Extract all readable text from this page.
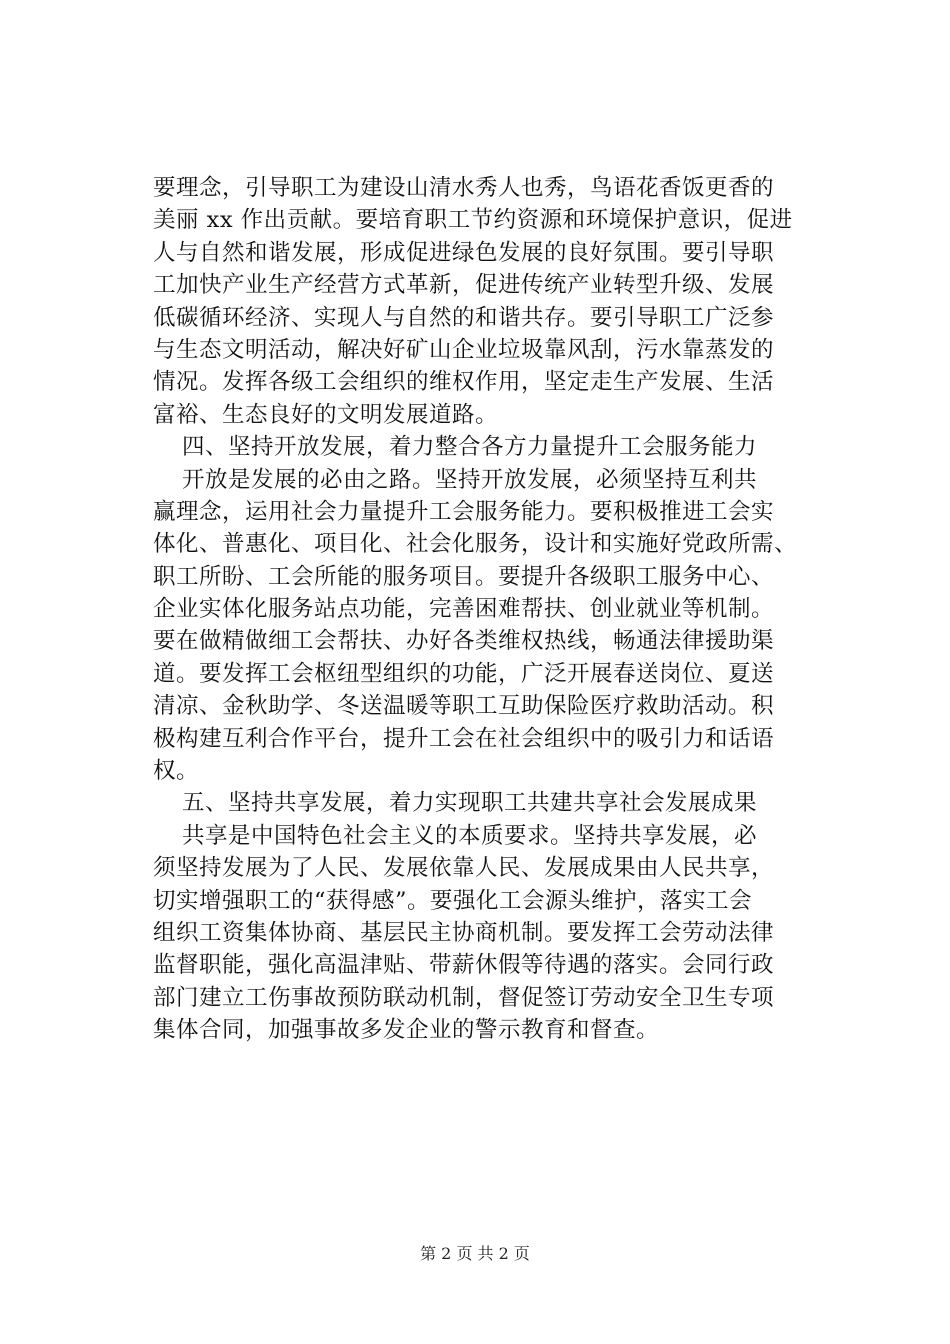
要理念，引导职工为建设山清水秀人也秀，鸟语花香饭更香的
美丽 xx 作出贡献。要培育职工节约资源和环境保护意识，促进
人与自然和谐发展，形成促进绿色发展的良好氛围。要引导职
工加快产业生产经营方式革新，促进传统产业转型升级、发展
低碳循环经济、实现人与自然的和谐共存。要引导职工广泛参
与生态文明活动，解决好矿山企业垃圾靠风刮，污水靠蒸发的
情况。发挥各级工会组织的维权作用，坚定走生产发展、生活
富裕、生态良好的文明发展道路。
四、坚持开放发展，着力整合各方力量提升工会服务能力
开放是发展的必由之路。坚持开放发展，必须坚持互利共
赢理念，运用社会力量提升工会服务能力。要积极推进工会实
体化、普惠化、项目化、社会化服务，设计和实施好党政所需、
职工所盼、工会所能的服务项目。要提升各级职工服务中心、
企业实体化服务站点功能，完善困难帮扶、创业就业等机制。
要在做精做细工会帮扶、办好各类维权热线，畅通法律援助渠
道。要发挥工会枢纽型组织的功能，广泛开展春送岗位、夏送
清凉、金秋助学、冬送温暖等职工互助保险医疗救助活动。积
极构建互利合作平台，提升工会在社会组织中的吸引力和话语
权。
五、坚持共享发展，着力实现职工共建共享社会发展成果
共享是中国特色社会主义的本质要求。坚持共享发展，必
须坚持发展为了人民、发展依靠人民、发展成果由人民共享，
切实增强职工的“获得感”。要强化工会源头维护，落实工会
组织工资集体协商、基层民主协商机制。要发挥工会劳动法律
监督职能，强化高温津贴、带薪休假等待遇的落实。会同行政
部门建立工伤事故预防联动机制，督促签订劳动安全卫生专项
集体合同，加强事故多发企业的警示教育和督查。
第 2 页 共 2 页
